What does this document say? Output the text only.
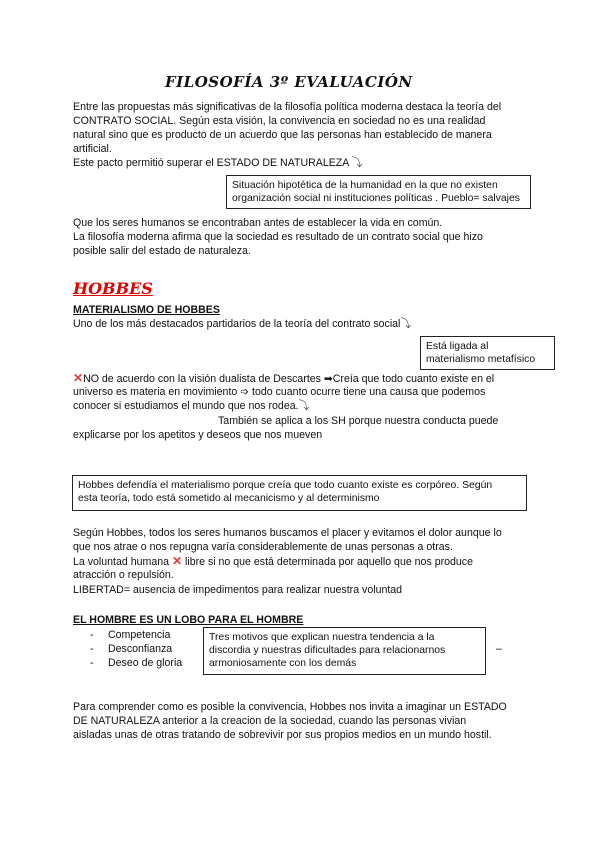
FILOSOFÍA 3º EVALUACIÓN
Entre las propuestas más significativas de la filosofía política moderna destaca la teoría del
CONTRATO SOCIAL. Según esta visión, la convivencia en sociedad no es una realidad
natural sino que es producto de un acuerdo que las personas han establecido de manera
artificial.
Este pacto permitió superar el ESTADO DE NATURALEZA ⤵
Situación hipotética de la humanidad en la que no existen
organización social ni instituciones políticas . Pueblo= salvajes
Que los seres humanos se encontraban antes de establecer la vida en común.
La filosofía moderna afirma que la sociedad es resultado de un contrato social que hizo
posible salir del estado de naturaleza.
HOBBES
MATERIALISMO DE HOBBES
Uno de los más destacados partidarios de la teoría del contrato social⤵
Está ligada al
materialismo metafísico
✕NO de acuerdo con la visión dualista de Descartes ➡Creía que todo cuanto existe en el
universo es materia en movimiento ➩ todo cuanto ocurre tiene una causa que podemos
conocer si estudiamos el mundo que nos rodea.⤵
También se aplica a los SH porque nuestra conducta puede
explicarse por los apetitos y deseos que nos mueven
Hobbes defendía el materialismo porque creía que todo cuanto existe es corpóreo. Según
esta teoría, todo está sometido al mecanicismo y al determinismo
Según Hobbes, todos los seres humanos buscamos el placer y evitamos el dolor aunque lo
que nos atrae o nos repugna varía considerablemente de unas personas a otras.
La voluntad humana ✕ libre si no que está determinada por aquello que nos produce
atracción o repulsión.
LIBERTAD= ausencia de impedimentos para realizar nuestra voluntad
EL HOMBRE ES UN LOBO PARA EL HOMBRE
- Competencia
- Desconfianza
- Deseo de gloria
Tres motivos que explican nuestra tendencia a la
discordia y nuestras dificultades para relacionarnos
armoniosamente con los demás
–
Para comprender como es posible la convivencia, Hobbes nos invita a imaginar un ESTADO
DE NATURALEZA anterior a la creacion de la sociedad, cuando las personas vivian
aisladas unas de otras tratando de sobrevivir por sus propios medios en un mundo hostil.
